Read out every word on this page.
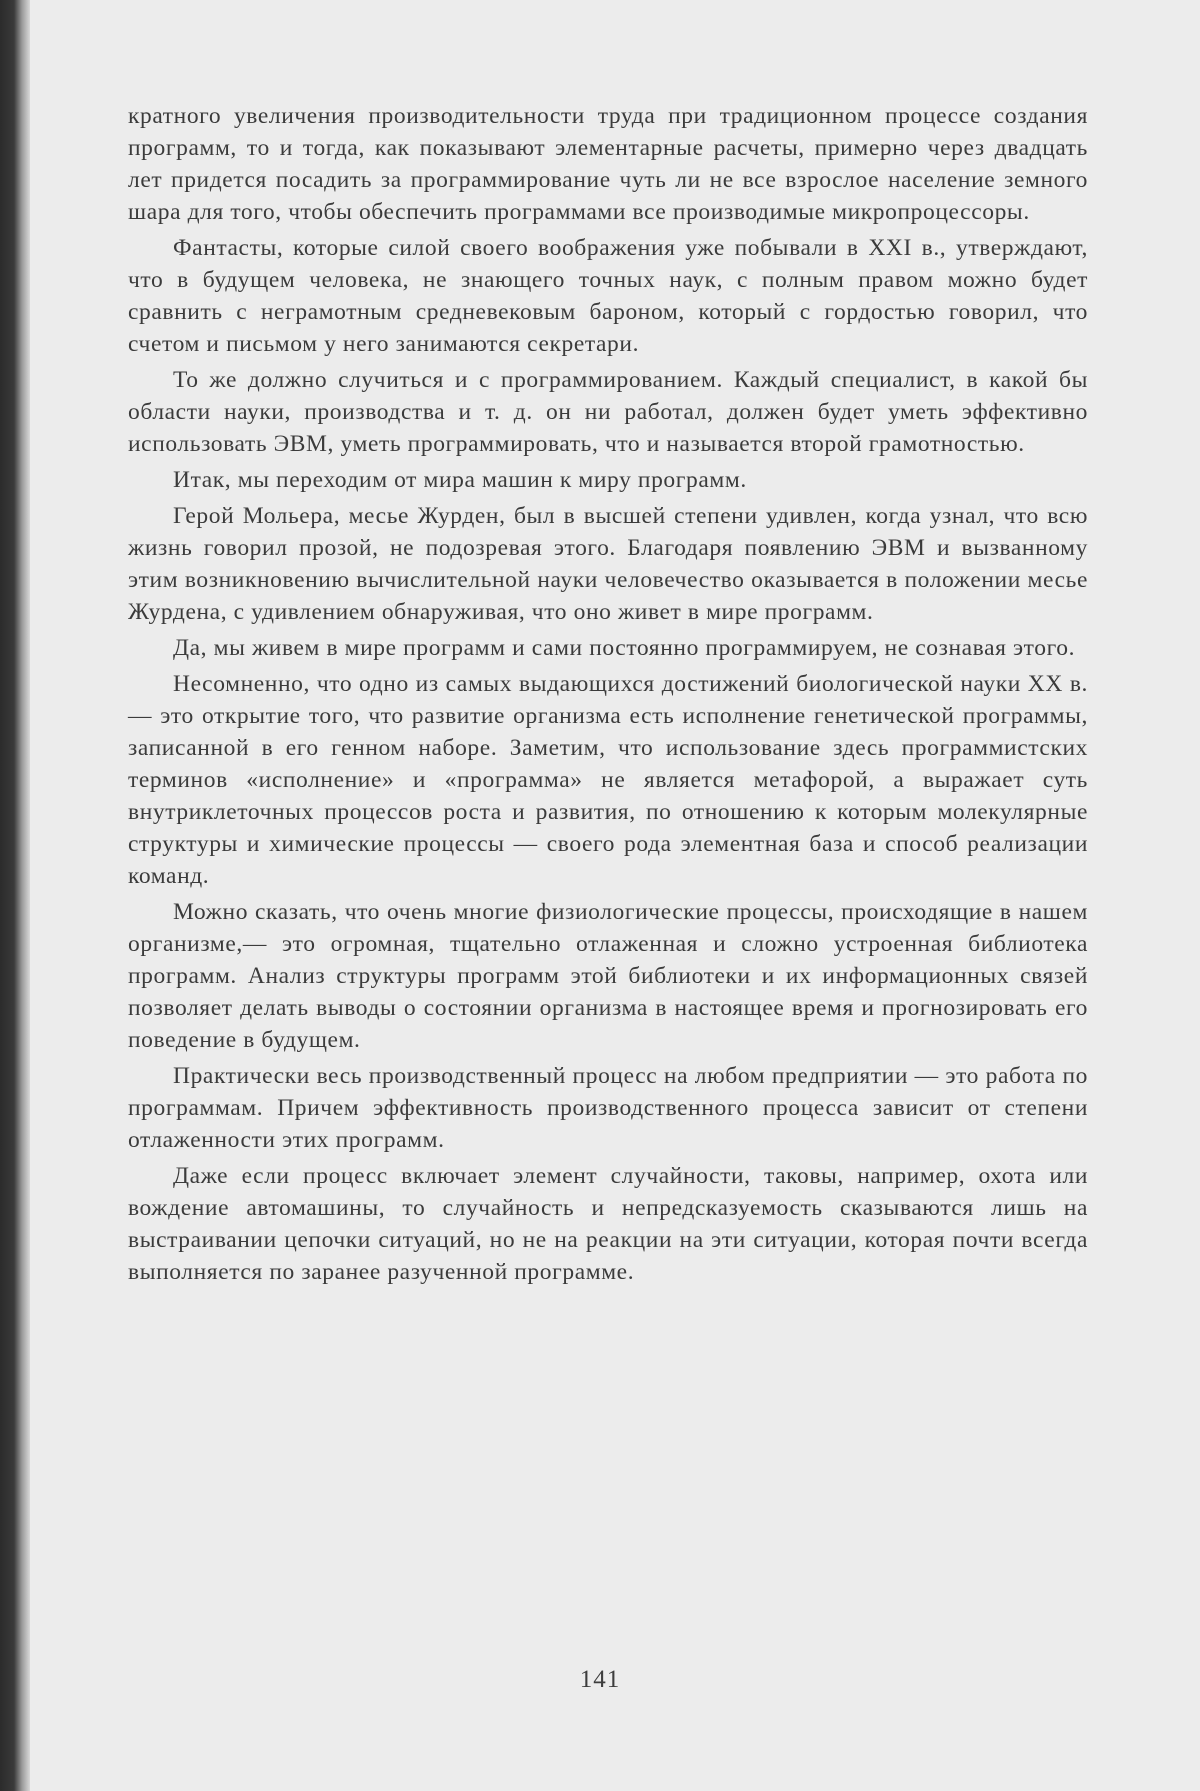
кратного увеличения производительности труда при традиционном процессе создания программ, то и тогда, как показывают элементарные расчеты, примерно через двадцать лет придется посадить за программирование чуть ли не все взрослое население земного шара для того, чтобы обеспечить программами все производимые микропроцессоры.

Фантасты, которые силой своего воображения уже побывали в XXI в., утверждают, что в будущем человека, не знающего точных наук, с полным правом можно будет сравнить с неграмотным средневековым бароном, который с гордостью говорил, что счетом и письмом у него занимаются секретари.

То же должно случиться и с программированием. Каждый специалист, в какой бы области науки, производства и т. д. он ни работал, должен будет уметь эффективно использовать ЭВМ, уметь программировать, что и называется второй грамотностью.

Итак, мы переходим от мира машин к миру программ.

Герой Мольера, месье Журден, был в высшей степени удивлен, когда узнал, что всю жизнь говорил прозой, не подозревая этого. Благодаря появлению ЭВМ и вызванному этим возникновению вычислительной науки человечество оказывается в положении месье Журдена, с удивлением обнаруживая, что оно живет в мире программ.

Да, мы живем в мире программ и сами постоянно программируем, не сознавая этого.

Несомненно, что одно из самых выдающихся достижений биологической науки XX в.— это открытие того, что развитие организма есть исполнение генетической программы, записанной в его генном наборе. Заметим, что использование здесь программистских терминов «исполнение» и «программа» не является метафорой, а выражает суть внутриклеточных процессов роста и развития, по отношению к которым молекулярные структуры и химические процессы — своего рода элементная база и способ реализации команд.

Можно сказать, что очень многие физиологические процессы, происходящие в нашем организме,— это огромная, тщательно отлаженная и сложно устроенная библиотека программ. Анализ структуры программ этой библиотеки и их информационных связей позволяет делать выводы о состоянии организма в настоящее время и прогнозировать его поведение в будущем.

Практически весь производственный процесс на любом предприятии — это работа по программам. Причем эффективность производственного процесса зависит от степени отлаженности этих программ.

Даже если процесс включает элемент случайности, таковы, например, охота или вождение автомашины, то случайность и непредсказуемость сказываются лишь на выстраивании цепочки ситуаций, но не на реакции на эти ситуации, которая почти всегда выполняется по заранее разученной программе.

141
